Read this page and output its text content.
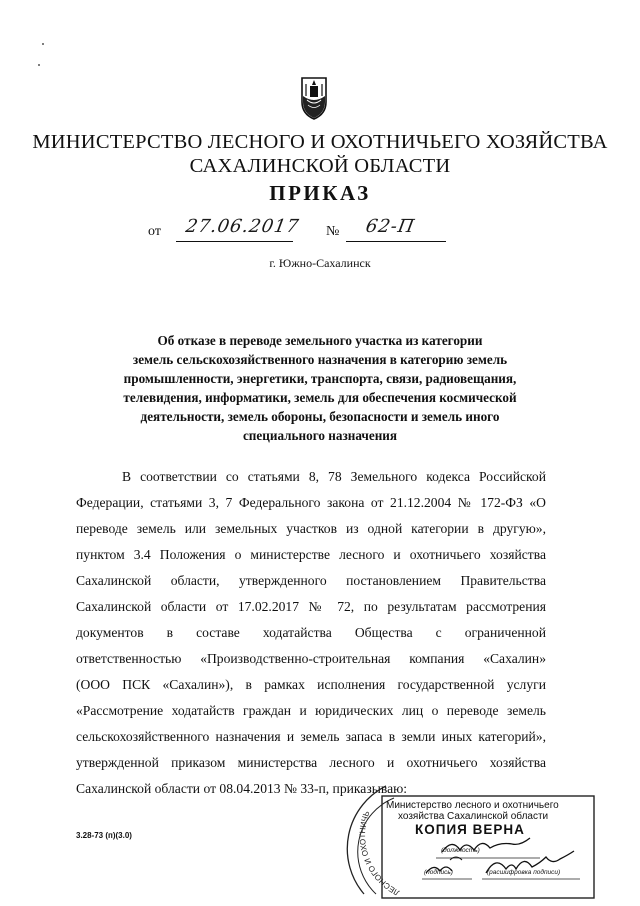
МИНИСТЕРСТВО ЛЕСНОГО И ОХОТНИЧЬЕГО ХОЗЯЙСТВА
САХАЛИНСКОЙ ОБЛАСТИ
ПРИКАЗ
от 27.06.2017 № 62-П
г. Южно-Сахалинск
Об отказе в переводе земельного участка из категории
земель сельскохозяйственного назначения в категорию земель
промышленности, энергетики, транспорта, связи, радиовещания,
телевидения, информатики, земель для обеспечения космической
деятельности, земель обороны, безопасности и земель иного
специального назначения
В соответствии со статьями 8, 78 Земельного кодекса Российской
Федерации, статьями 3, 7 Федерального закона от 21.12.2004 № 172-ФЗ «О
переводе земель или земельных участков из одной категории в другую»,
пунктом 3.4 Положения о министерстве лесного и охотничьего хозяйства
Сахалинской области, утвержденного постановлением Правительства
Сахалинской области от 17.02.2017 № 72, по результатам рассмотрения
документов в составе ходатайства Общества с ограниченной
ответственностью «Производственно-строительная компания «Сахалин»
(ООО ПСК «Сахалин»), в рамках исполнения государственной услуги
«Рассмотрение ходатайств граждан и юридических лиц о переводе земель
сельскохозяйственного назначения и земель запаса в земли иных категорий»,
утвержденной приказом министерства лесного и охотничьего хозяйства
Сахалинской области от 08.04.2013 № 33-п, приказываю:
3.28-73 (п)(3.0)
ЛЕСНОГО И ОХОТНИЧЬ
Министерство лесного и охотничьего
хозяйства Сахалинской области
КОПИЯ ВЕРНА
(должность)
(подпись)	(расшифровка подписи)
